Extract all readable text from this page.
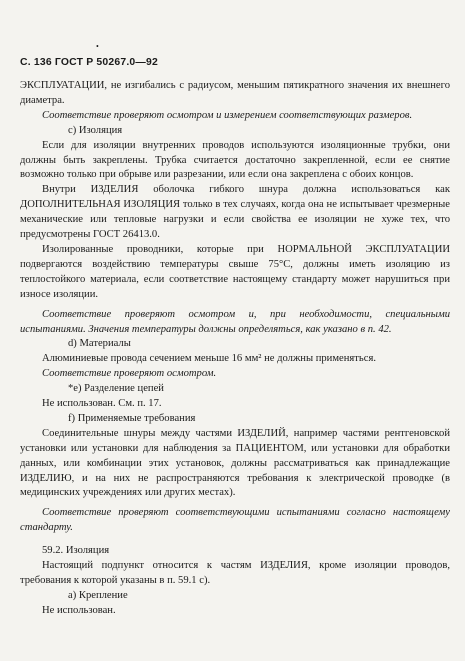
•
С. 136 ГОСТ Р 50267.0—92

ЭКСПЛУАТАЦИИ, не изгибались с радиусом, меньшим пятикратного значения их внешнего диаметра.

Соответствие проверяют осмотром и измерением соответствующих размеров.

с) Изоляция

Если для изоляции внутренних проводов используются изоляционные трубки, они должны быть закреплены. Трубка считается достаточно закрепленной, если ее снятие возможно только при обрыве или разрезании, или если она закреплена с обоих концов.

Внутри ИЗДЕЛИЯ оболочка гибкого шнура должна использоваться как ДОПОЛНИТЕЛЬНАЯ ИЗОЛЯЦИЯ только в тех случаях, когда она не испытывает чрезмерные механические или тепловые нагрузки и если свойства ее изоляции не хуже тех, что предусмотрены ГОСТ 26413.0.

Изолированные проводники, которые при НОРМАЛЬНОЙ ЭКСПЛУАТАЦИИ подвергаются воздействию температуры свыше 75°С, должны иметь изоляцию из теплостойкого материала, если соответствие настоящему стандарту может нарушиться при износе изоляции.

Соответствие проверяют осмотром и, при необходимости, специальными испытаниями. Значения температуры должны определяться, как указано в п. 42.

d) Материалы

Алюминиевые провода сечением меньше 16 мм² не должны применяться.

Соответствие проверяют осмотром.

*e) Разделение цепей

Не использован. См. п. 17.

f) Применяемые требования

Соединительные шнуры между частями ИЗДЕЛИЙ, например частями рентгеновской установки или установки для наблюдения за ПАЦИЕНТОМ, или установки для обработки данных, или комбинации этих установок, должны рассматриваться как принадлежащие ИЗДЕЛИЮ, и на них не распространяются требования к электрической проводке (в медицинских учреждениях или других местах).

Соответствие проверяют соответствующими испытаниями согласно настоящему стандарту.

59.2. Изоляция

Настоящий подпункт относится к частям ИЗДЕЛИЯ, кроме изоляции проводов, требования к которой указаны в п. 59.1 с).

а) Крепление

Не использован.
